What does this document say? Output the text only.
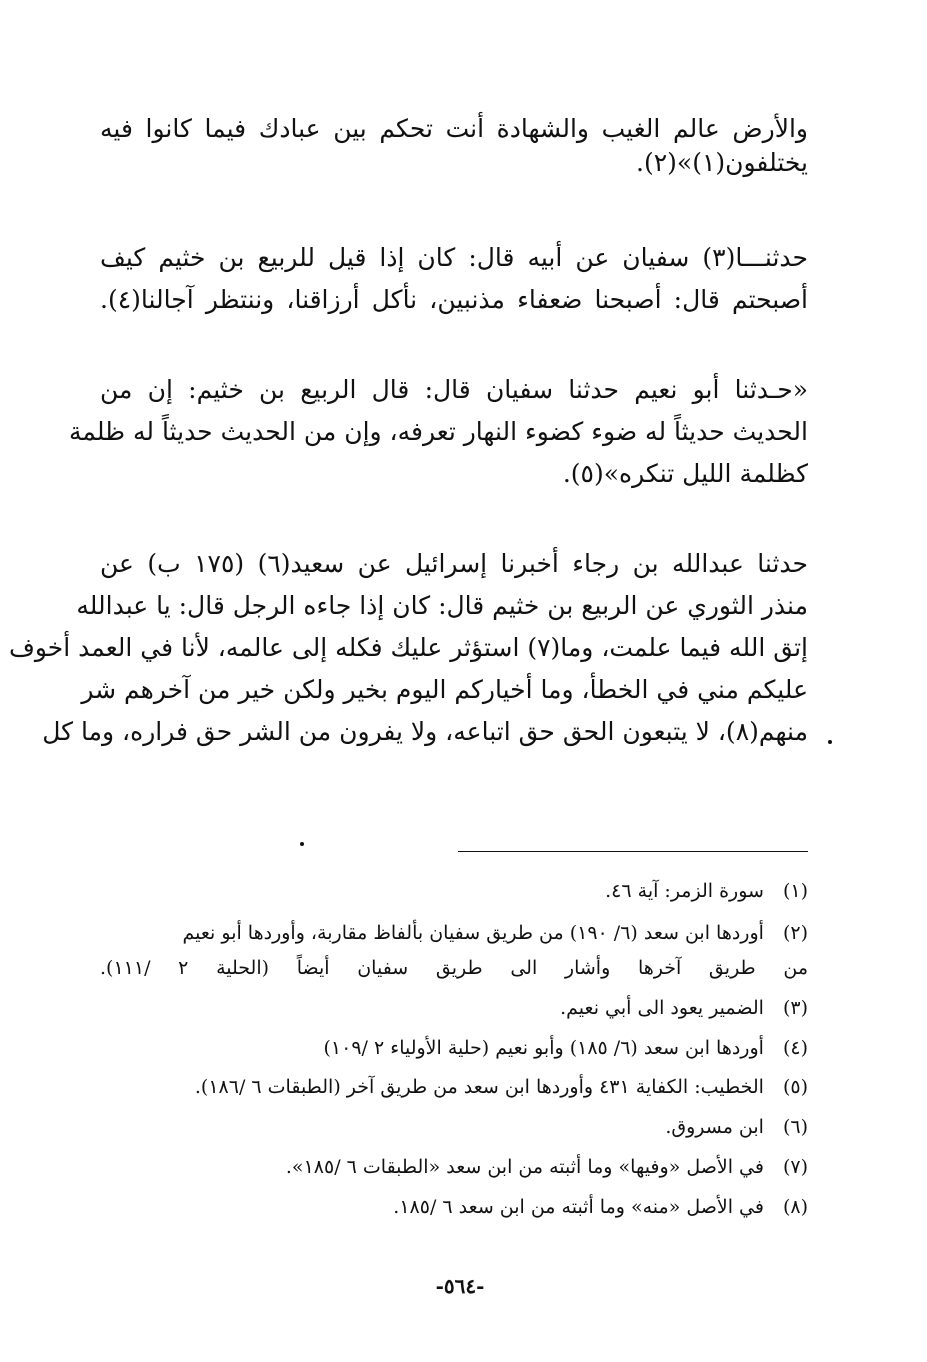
والأرض عالم الغيب والشهادة أنت تحكم بين عبادك فيما كانوا فيه
يختلفون(١)»(٢).
حدثنـــا(٣) سفيان عن أبيه قال: كان إذا قيل للربيع بن خثيم كيف
أصبحتم قال: أصبحنا ضعفاء مذنبين، نأكل أرزاقنا، وننتظر آجالنا(٤).
«حـدثنا أبو نعيم حدثنا سفيان قال: قال الربيع بن خثيم: إن من
الحديث حديثاً له ضوء كضوء النهار تعرفه، وإن من الحديث حديثاً له ظلمة
كظلمة الليل تنكره»(٥).
حدثنا عبدالله بن رجاء أخبرنا إسرائيل عن سعيد(٦) (١٧٥ ب) عن
منذر الثوري عن الربيع بن خثيم قال: كان إذا جاءه الرجل قال: يا عبدالله
إتق الله فيما علمت، وما(٧) استؤثر عليك فكله إلى عالمه، لأنا في العمد أخوف
عليكم مني في الخطأ، وما أخياركم اليوم بخير ولكن خير من آخرهم شر
منهم(٨)، لا يتبعون الحق حق اتباعه، ولا يفرون من الشر حق فراره، وما كل
(١) سورة الزمر: آية ٤٦.
(٢) أوردها ابن سعد (٦/ ١٩٠) من طريق سفيان بألفاظ مقاربة، وأوردها أبو نعيم
من طريق آخرها وأشار الى طريق سفيان أيضاً (الحلية ٢ /١١١).
(٣) الضمير يعود الى أبي نعيم.
(٤) أوردها ابن سعد (٦/ ١٨٥) وأبو نعيم (حلية الأولياء ٢ /١٠٩)
(٥) الخطيب: الكفاية ٤٣١ وأوردها ابن سعد من طريق آخر (الطبقات ٦ /١٨٦).
(٦) ابن مسروق.
(٧) في الأصل «وفيها» وما أثبته من ابن سعد «الطبقات ٦ /١٨٥».
(٨) في الأصل «منه» وما أثبته من ابن سعد ٦ /١٨٥.
-٥٦٤-
